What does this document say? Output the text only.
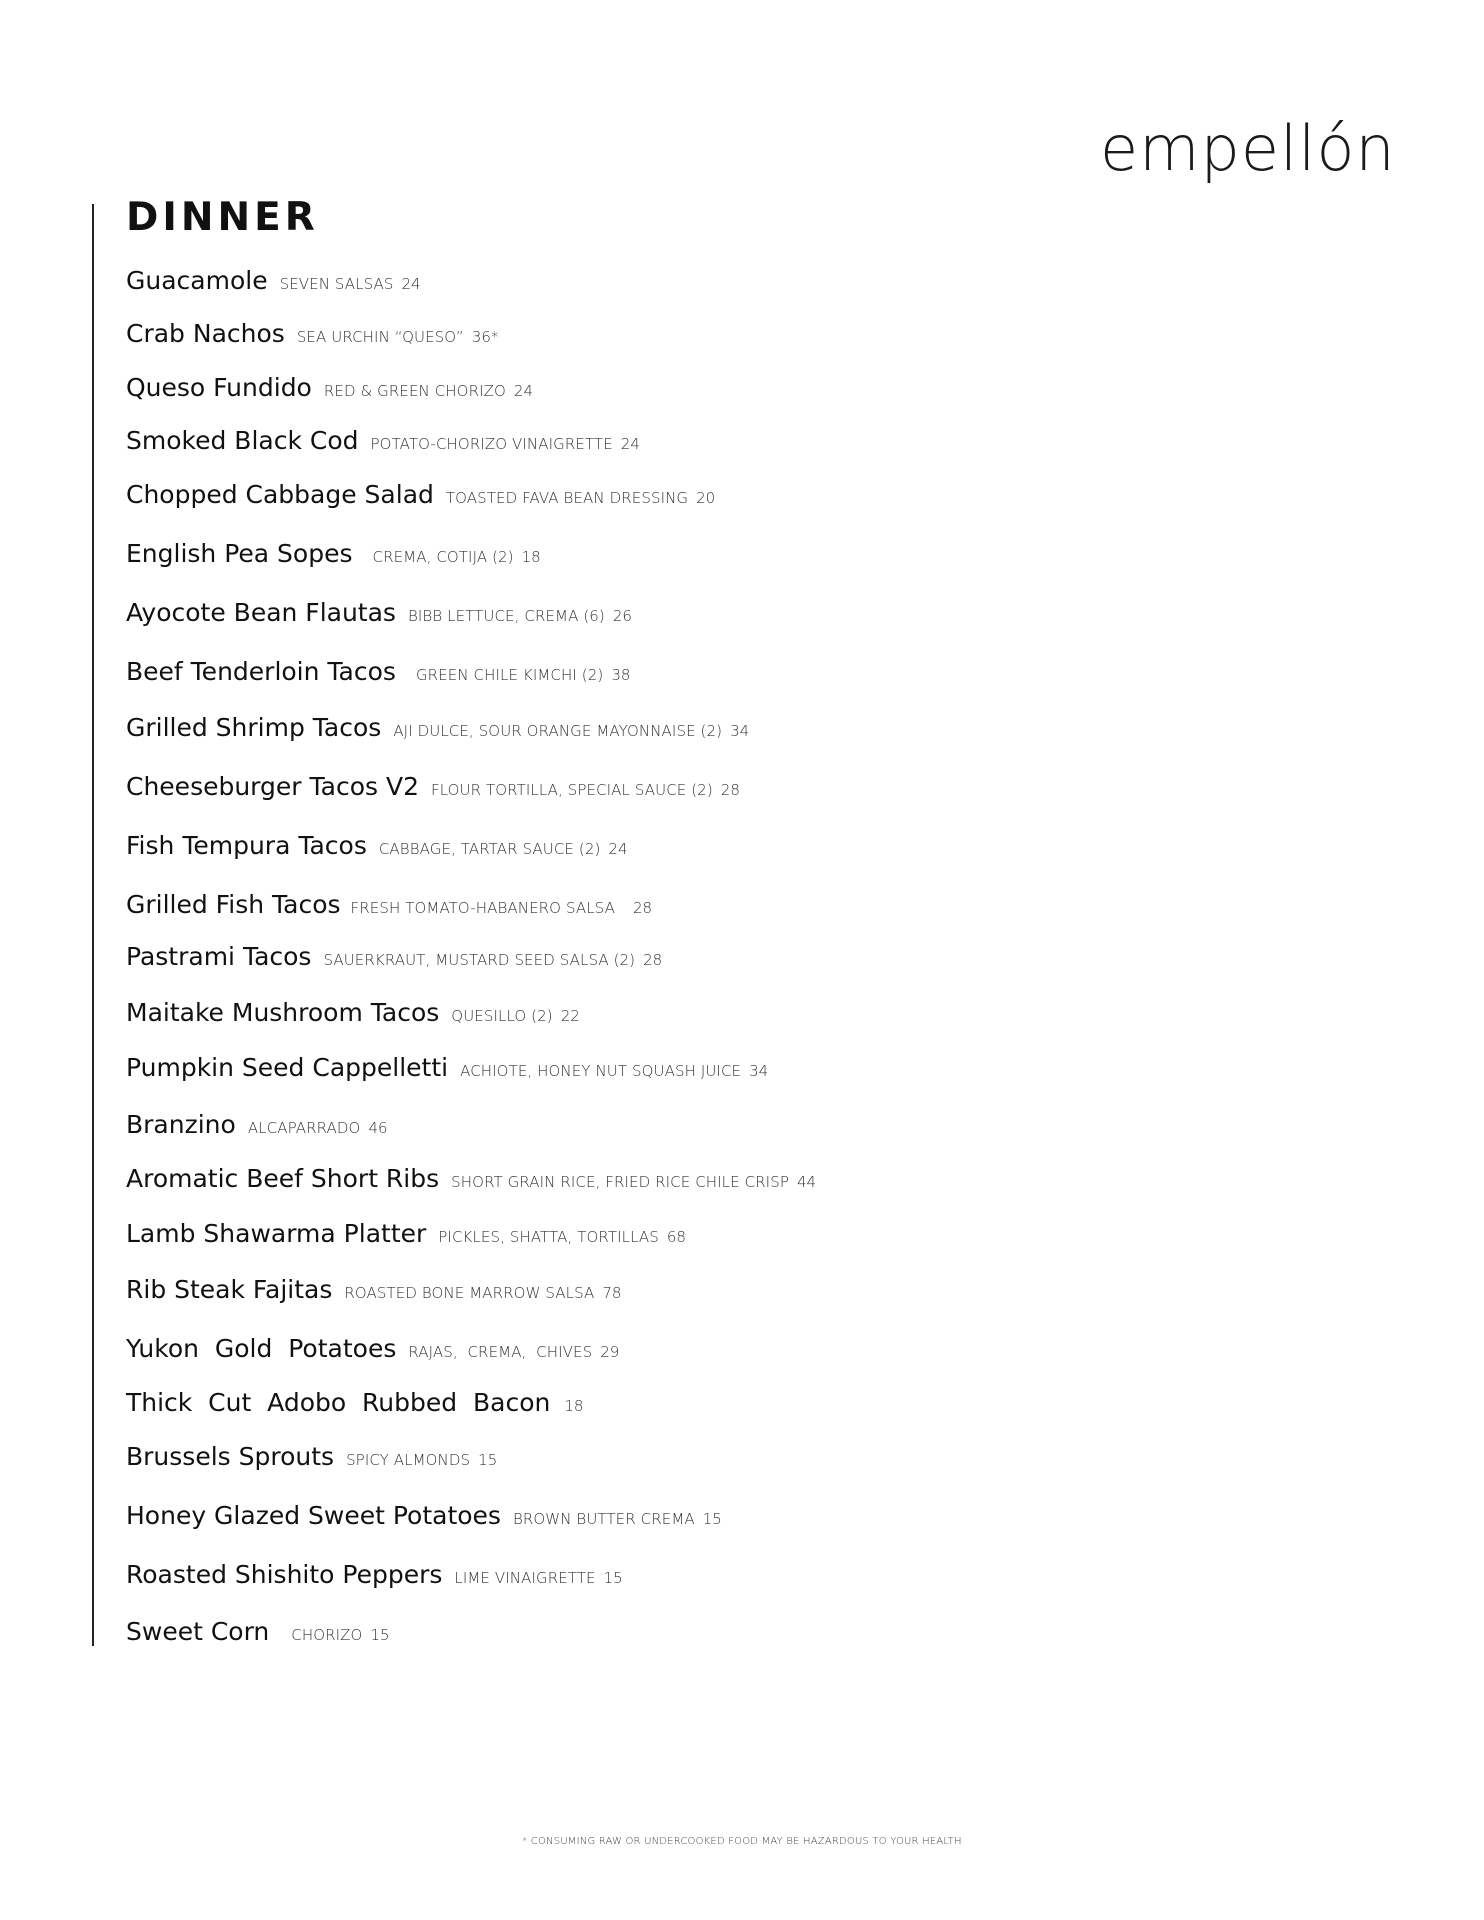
empellón
DINNER
Guacamole SEVEN SALSAS 24
Crab Nachos SEA URCHIN “QUESO” 36*
Queso Fundido RED & GREEN CHORIZO 24
Smoked Black Cod POTATO-CHORIZO VINAIGRETTE 24
Chopped Cabbage Salad TOASTED FAVA BEAN DRESSING 20
English Pea Sopes CREMA, COTIJA (2) 18
Ayocote Bean Flautas BIBB LETTUCE, CREMA (6) 26
Beef Tenderloin Tacos GREEN CHILE KIMCHI (2) 38
Grilled Shrimp Tacos AJI DULCE, SOUR ORANGE MAYONNAISE (2) 34
Cheeseburger Tacos V2 FLOUR TORTILLA, SPECIAL SAUCE (2) 28
Fish Tempura Tacos CABBAGE, TARTAR SAUCE (2) 24
Grilled Fish Tacos FRESH TOMATO-HABANERO SALSA 28
Pastrami Tacos SAUERKRAUT, MUSTARD SEED SALSA (2) 28
Maitake Mushroom Tacos QUESILLO (2) 22
Pumpkin Seed Cappelletti ACHIOTE, HONEY NUT SQUASH JUICE 34
Branzino ALCAPARRADO 46
Aromatic Beef Short Ribs SHORT GRAIN RICE, FRIED RICE CHILE CRISP 44
Lamb Shawarma Platter PICKLES, SHATTA, TORTILLAS 68
Rib Steak Fajitas ROASTED BONE MARROW SALSA 78
Yukon  Gold  Potatoes RAJAS,  CREMA,  CHIVES 29
Thick  Cut  Adobo  Rubbed  Bacon 18
Brussels Sprouts SPICY ALMONDS 15
Honey Glazed Sweet Potatoes BROWN BUTTER CREMA 15
Roasted Shishito Peppers LIME VINAIGRETTE 15
Sweet Corn CHORIZO 15
* CONSUMING RAW OR UNDERCOOKED FOOD MAY BE HAZARDOUS TO YOUR HEALTH
